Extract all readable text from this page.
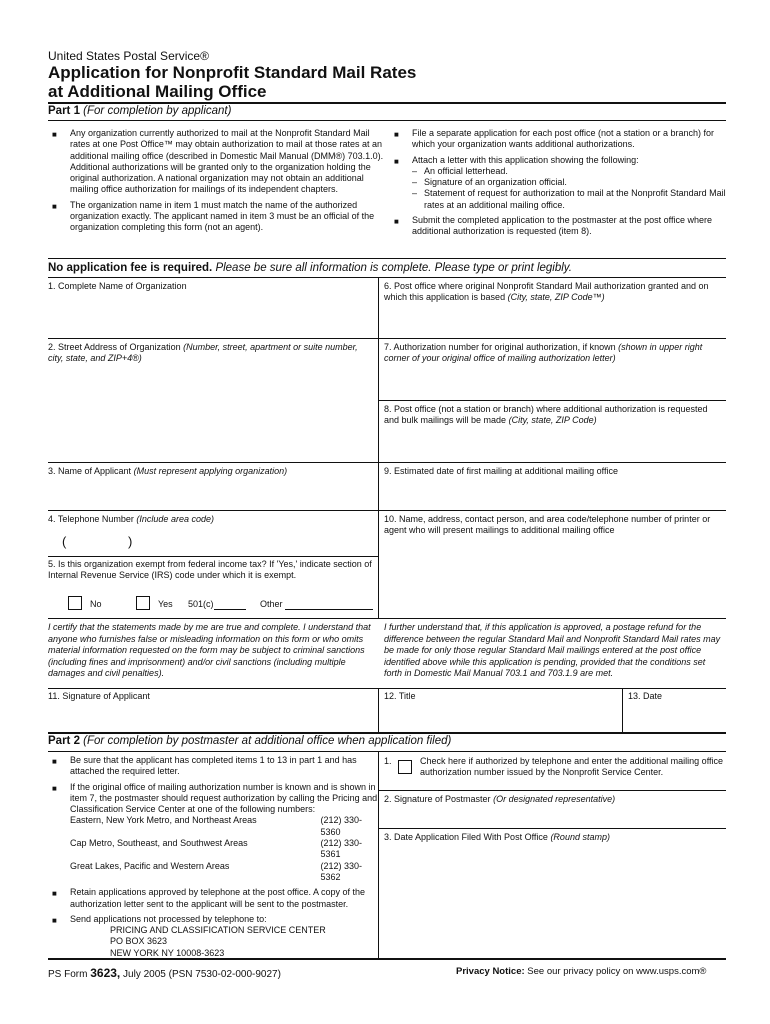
United States Postal Service®
Application for Nonprofit Standard Mail Rates
at Additional Mailing Office
Part 1 (For completion by applicant)
■ Any organization currently authorized to mail at the Nonprofit Standard Mail rates at one Post Office™ may obtain authorization to mail at those rates at an additional mailing office (described in Domestic Mail Manual (DMM®) 703.1.0). Additional authorizations will be granted only to the organization holding the original authorization. A national organization may not obtain an additional mailing office authorization for mailings of its independent chapters.
■ The organization name in item 1 must match the name of the authorized organization exactly. The applicant named in item 3 must be an official of the organization completing this form (not an agent).
■ File a separate application for each post office (not a station or a branch) for which your organization wants additional authorizations.
■ Attach a letter with this application showing the following:
– An official letterhead.
– Signature of an organization official.
– Statement of request for authorization to mail at the Nonprofit Standard Mail rates at an additional mailing office.
■ Submit the completed application to the postmaster at the post office where additional authorization is requested (item 8).
No application fee is required. Please be sure all information is complete. Please type or print legibly.
1. Complete Name of Organization
2. Street Address of Organization (Number, street, apartment or suite number, city, state, and ZIP+4®)
3. Name of Applicant (Must represent applying organization)
4. Telephone Number (Include area code)
(	)
5. Is this organization exempt from federal income tax? If 'Yes,' indicate section of Internal Revenue Service (IRS) code under which it is exempt.
No	Yes 501(c)	Other
6. Post office where original Nonprofit Standard Mail authorization granted and on which this application is based (City, state, ZIP Code™)
7. Authorization number for original authorization, if known (shown in upper right corner of your original office of mailing authorization letter)
8. Post office (not a station or branch) where additional authorization is requested and bulk mailings will be made (City, state, ZIP Code)
9. Estimated date of first mailing at additional mailing office
10. Name, address, contact person, and area code/telephone number of printer or agent who will present mailings to additional mailing office
I certify that the statements made by me are true and complete. I understand that anyone who furnishes false or misleading information on this form or who omits material information requested on the form may be subject to criminal sanctions (including fines and imprisonment) and/or civil sanctions (including multiple damages and civil penalties).
I further understand that, if this application is approved, a postage refund for the difference between the regular Standard Mail and Nonprofit Standard Mail rates may be made for only those regular Standard Mail mailings entered at the post office identified above while this application is pending, provided that the conditions set forth in Domestic Mail Manual 703.1 and 703.1.9 are met.
11. Signature of Applicant	12. Title	13. Date
Part 2 (For completion by postmaster at additional office when application filed)
■ Be sure that the applicant has completed items 1 to 13 in part 1 and has attached the required letter.
■ If the original office of mailing authorization number is known and is shown in item 7, the postmaster should request authorization by calling the Pricing and Classification Service Center at one of the following numbers:
Eastern, New York Metro, and Northeast Areas	(212) 330-5360
Cap Metro, Southeast, and Southwest Areas	(212) 330-5361
Great Lakes, Pacific and Western Areas	(212) 330-5362
■ Retain applications approved by telephone at the post office. A copy of the authorization letter sent to the applicant will be sent to the postmaster.
■ Send applications not processed by telephone to:
PRICING AND CLASSIFICATION SERVICE CENTER
PO BOX 3623
NEW YORK NY 10008-3623
1.	Check here if authorized by telephone and enter the additional mailing office authorization number issued by the Nonprofit Service Center.
2. Signature of Postmaster (Or designated representative)
3. Date Application Filed With Post Office (Round stamp)
PS Form 3623, July 2005 (PSN 7530-02-000-9027)	Privacy Notice: See our privacy policy on www.usps.com®
